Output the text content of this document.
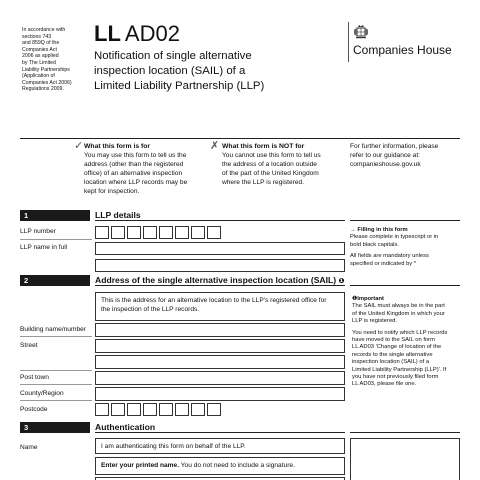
In accordance with
sections 743
and 859Q of the
Companies Act
2006 as applied
by The Limited
Liability Partnerships
(Application of
Companies Act 2006)
Regulations 2009.
LL AD02
Notification of single alternative
inspection location (SAIL) of a
Limited Liability Partnership (LLP)
Companies House
✓ What this form is for
You may use this form to tell us the
address (other than the registered
office) of an alternative inspection
location where LLP records may be
kept for inspection.
✗ What this form is NOT for
You cannot use this form to tell us
the address of a location outside
of the part of the United Kingdom
where the LLP is registered.
For further information, please
refer to our guidance at:
companieshouse.gov.uk
1	LLP details
LLP number
LLP name in full
→ Filling in this form
Please complete in typescript or in
bold black capitals.
All fields are mandatory unless
specified or indicated by *
2	Address of the single alternative inspection location (SAIL) ❶
This is the address for an alternative location to the LLP's registered office for
the inspection of the LLP records.
Building name/number
Street
Post town
County/Region
Postcode
❶Important
The SAIL must always be in the part
of the United Kingdom in which your
LLP is registered.
You need to notify which LLP records
have moved to the SAIL on form
LL AD03 'Change of location of the
records to the single alternative
inspection location (SAIL) of a
Limited Liability Partnership (LLP)'. If
you have not previously filed form
LL AD03, please file one.
3	Authentication
Name	I am authenticating this form on behalf of the LLP.
Enter your printed name. You do not need to include a signature.
